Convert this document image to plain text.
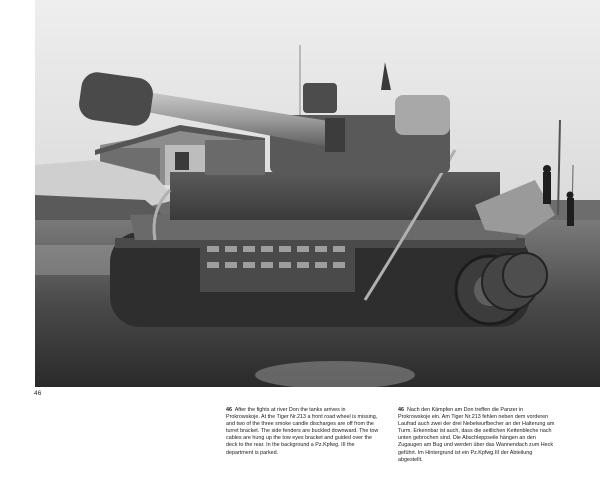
46
46 After the fights at river Don the tanks arrives in Prokrowskoje. At the Tiger Nr.213 a front road wheel is missing, and two of the three smoke candle discharges are off from the turret bracket. The side fenders are buckled downward. The tow cables are hung up the tow eyes bracket and guided over the deck to the rear. In the background a Pz.Kpfwg. III the department is parked.
46 Nach den Kämpfen am Don treffen die Panzer in Prokrowskoje ein. Am Tiger Nr.213 fehlen neben dem vorderen Laufrad auch zwei der drei Nebelwurfbecher an der Halterung am Turm. Erkennbar ist auch, dass die seitlichen Kettenbleche nach unten gebrochen sind. Die Abschleppseile hängen an den Zugaugen am Bug und werden über das Wannendach zum Heck geführt. Im Hintergrund ist ein Pz.Kpfwg.III der Abteilung abgestellt.
